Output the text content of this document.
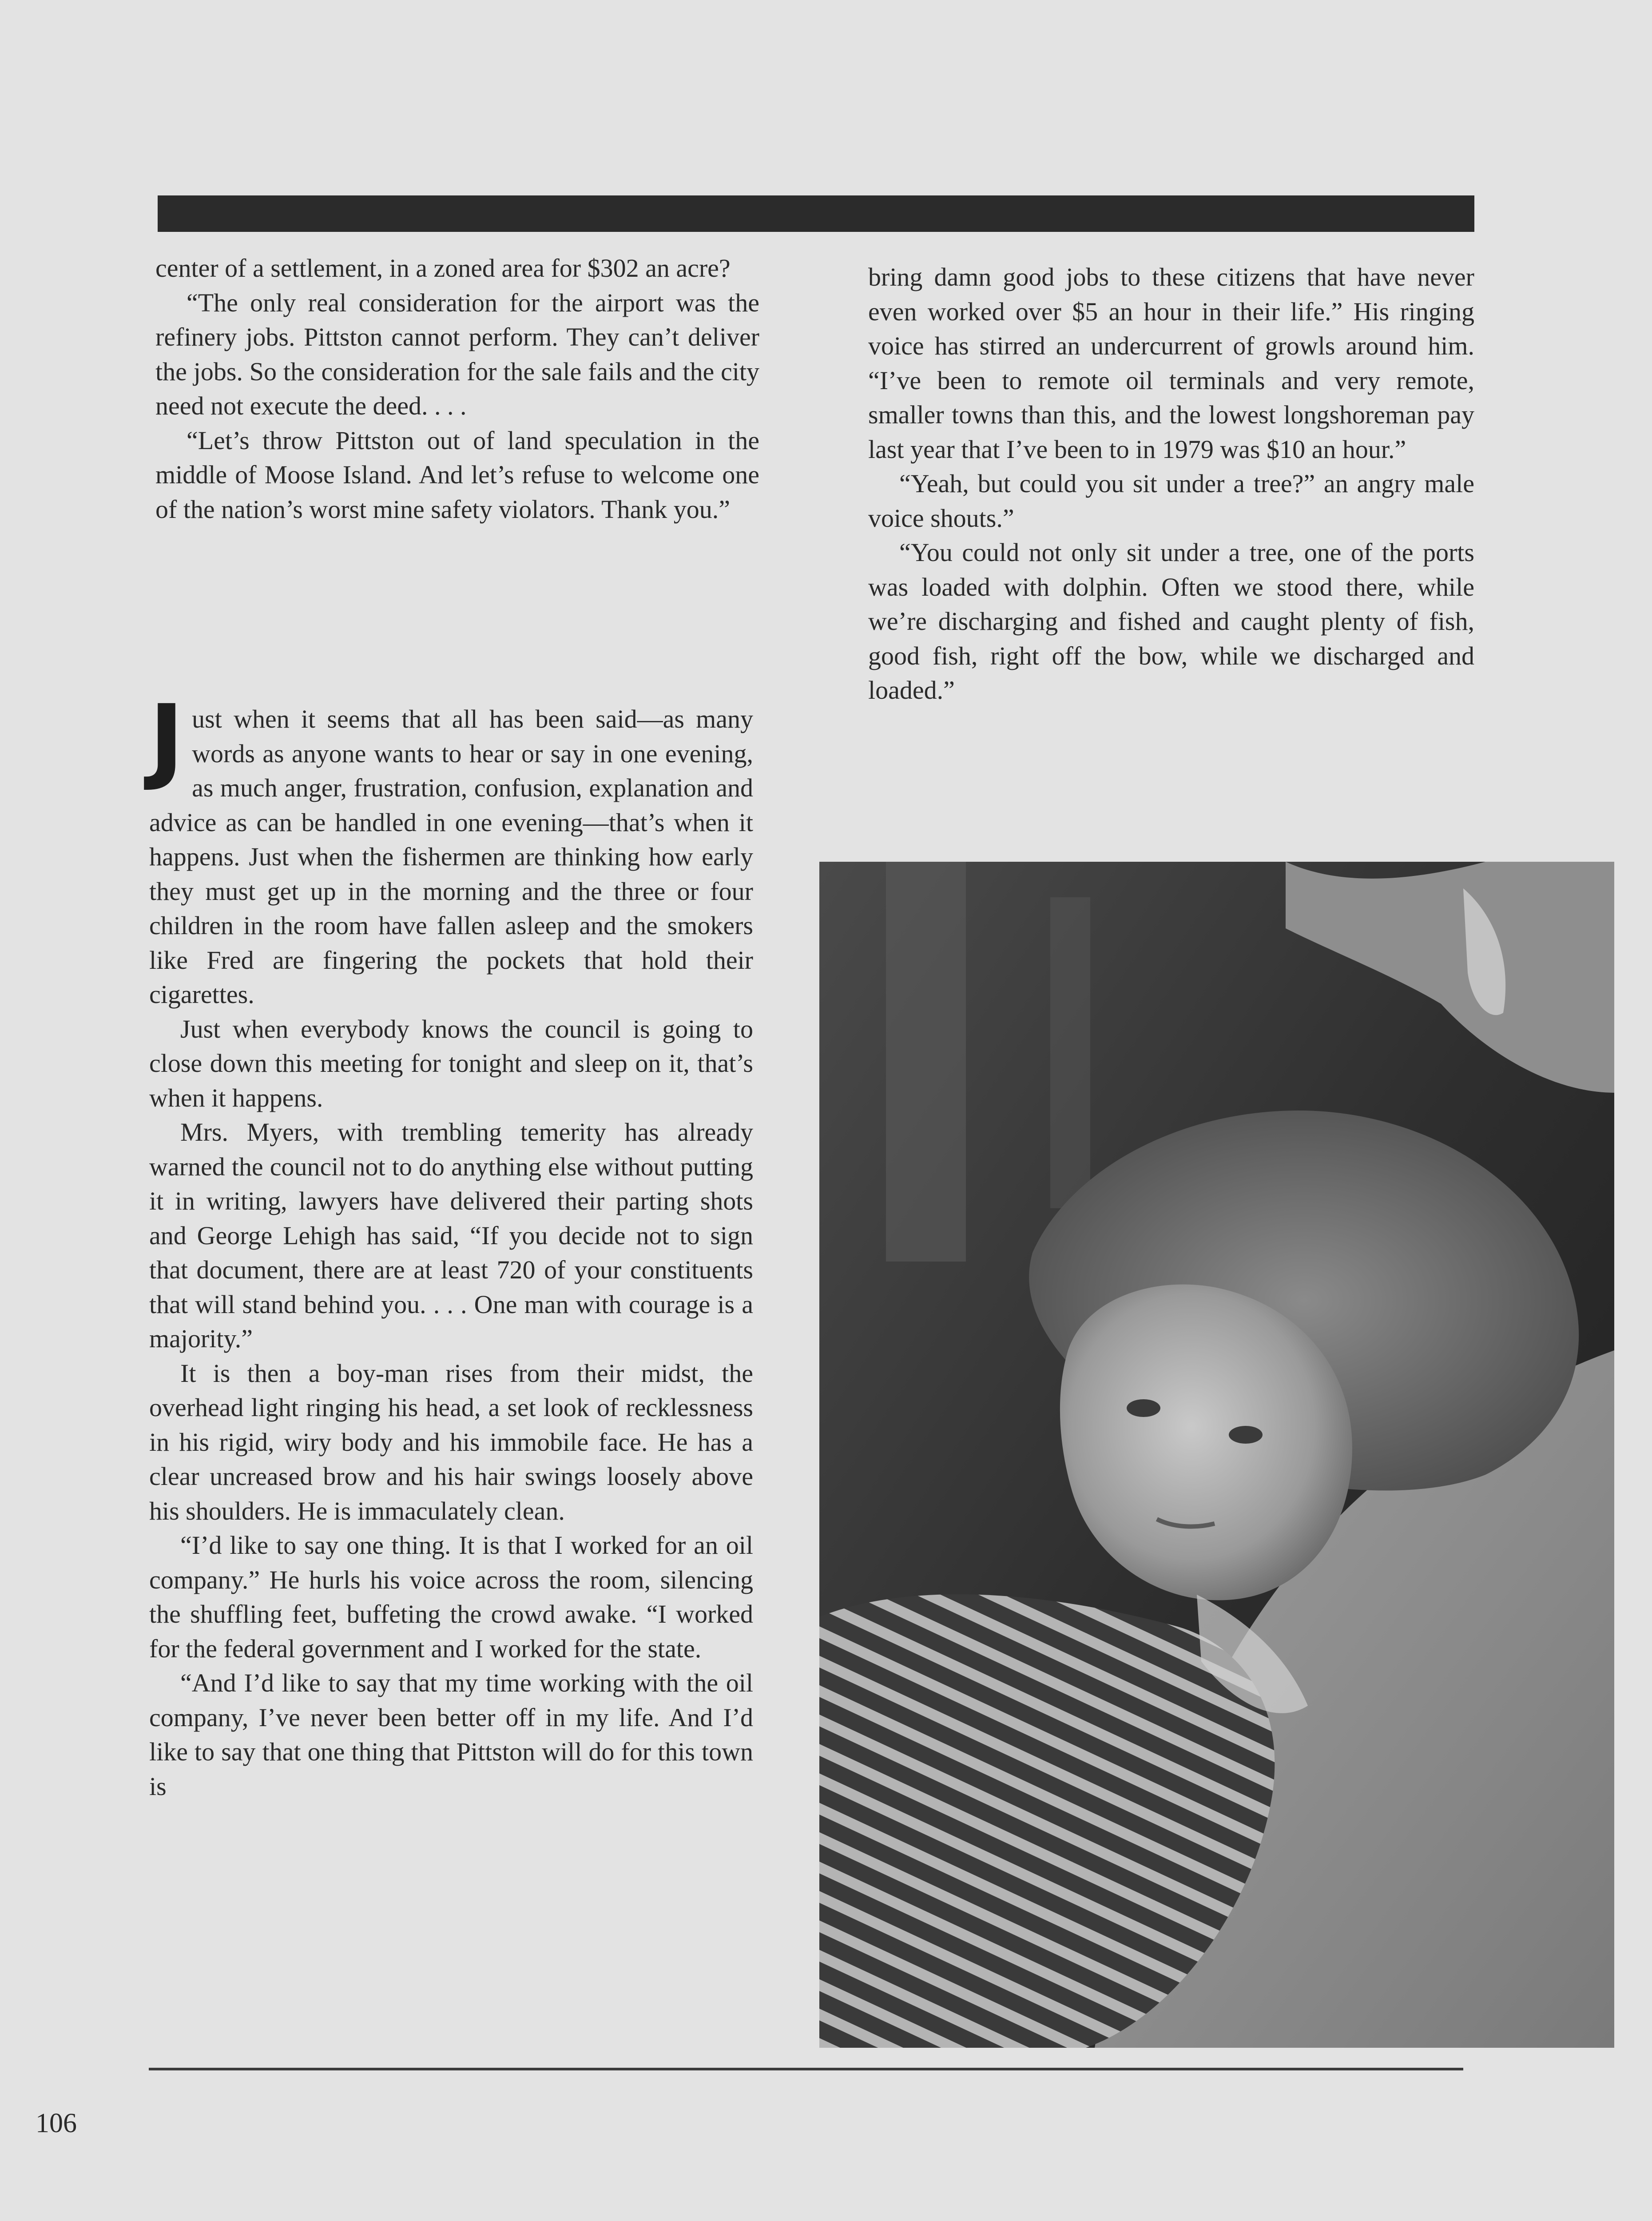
center of a settlement, in a zoned area for $302 an acre?

“The only real consideration for the airport was the refinery jobs. Pittston cannot perform. They can’t deliver the jobs. So the consideration for the sale fails and the city need not execute the deed. . . .

“Let’s throw Pittston out of land speculation in the middle of Moose Island. And let’s refuse to welcome one of the nation’s worst mine safety violators. Thank you.”

Just when it seems that all has been said—as many words as anyone wants to hear or say in one evening, as much anger, frustration, confusion, explanation and advice as can be handled in one evening—that’s when it happens. Just when the fishermen are thinking how early they must get up in the morning and the three or four children in the room have fallen asleep and the smokers like Fred are fingering the pockets that hold their cigarettes.

Just when everybody knows the council is going to close down this meeting for tonight and sleep on it, that’s when it happens.

Mrs. Myers, with trembling temerity has already warned the council not to do anything else without putting it in writing, lawyers have delivered their parting shots and George Lehigh has said, “If you decide not to sign that document, there are at least 720 of your constituents that will stand behind you. . . . One man with courage is a majority.”

It is then a boy-man rises from their midst, the overhead light ringing his head, a set look of recklessness in his rigid, wiry body and his immobile face. He has a clear uncreased brow and his hair swings loosely above his shoulders. He is immaculately clean.

“I’d like to say one thing. It is that I worked for an oil company.” He hurls his voice across the room, silencing the shuffling feet, buffeting the crowd awake. “I worked for the federal government and I worked for the state.

“And I’d like to say that my time working with the oil company, I’ve never been better off in my life. And I’d like to say that one thing that Pittston will do for this town is

bring damn good jobs to these citizens that have never even worked over $5 an hour in their life.” His ringing voice has stirred an undercurrent of growls around him. “I’ve been to remote oil terminals and very remote, smaller towns than this, and the lowest longshoreman pay last year that I’ve been to in 1979 was $10 an hour.”

“Yeah, but could you sit under a tree?” an angry male voice shouts.”

“You could not only sit under a tree, one of the ports was loaded with dolphin. Often we stood there, while we’re discharging and fished and caught plenty of fish, good fish, right off the bow, while we discharged and loaded.”

106
